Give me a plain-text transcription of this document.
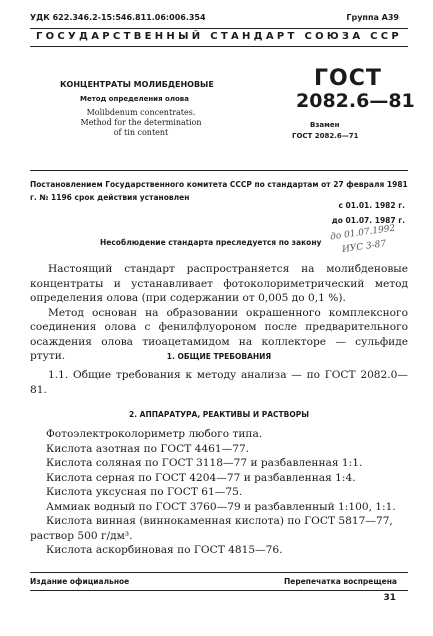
УДК 622.346.2-15:546.811.06:006.354	Группа А39
ГОСУДАРСТВЕННЫЙ СТАНДАРТ СОЮЗА ССР
КОНЦЕНТРАТЫ МОЛИБДЕНОВЫЕ
Метод определения олова
Molibdenum concentrates.
Method for the determination
of tin content
ГОСТ
2082.6—81
Взамен
ГОСТ 2082.6—71
Постановлением Государственного комитета СССР по стандартам от 27 февраля 1981 г. № 1196 срок действия установлен
с 01.01. 1982 г.
до 01.07. 1987 г.
Несоблюдение стандарта преследуется по закону до 01.07.1992
ИУС 3-87

Настоящий стандарт распространяется на молибденовые концентраты и устанавливает фотоколориметрический метод определения олова (при содержании от 0,005 до 0,1 %).

Метод основан на образовании окрашенного комплексного соединения олова с фенилфлуороном после предварительного осаждения олова тиоацетамидом на коллекторе — сульфиде ртути.	1. ОБЩИЕ ТРЕБОВАНИЯ

1.1. Общие требования к методу анализа — по ГОСТ 2082.0—81.

2. АППАРАТУРА, РЕАКТИВЫ И РАСТВОРЫ
Фотоэлектроколориметр любого типа.
Кислота азотная по ГОСТ 4461—77.
Кислота соляная по ГОСТ 3118—77 и разбавленная 1:1.
Кислота серная по ГОСТ 4204—77 и разбавленная 1:4.
Кислота уксусная по ГОСТ 61—75.
Аммиак водный по ГОСТ 3760—79 и разбавленный 1:100, 1:1.
Кислота винная (виннокаменная кислота) по ГОСТ 5817—77,
раствор 500 г/дм³.
Кислота аскорбиновая по ГОСТ 4815—76.
Издание официальное	Перепечатка воспрещена
31
